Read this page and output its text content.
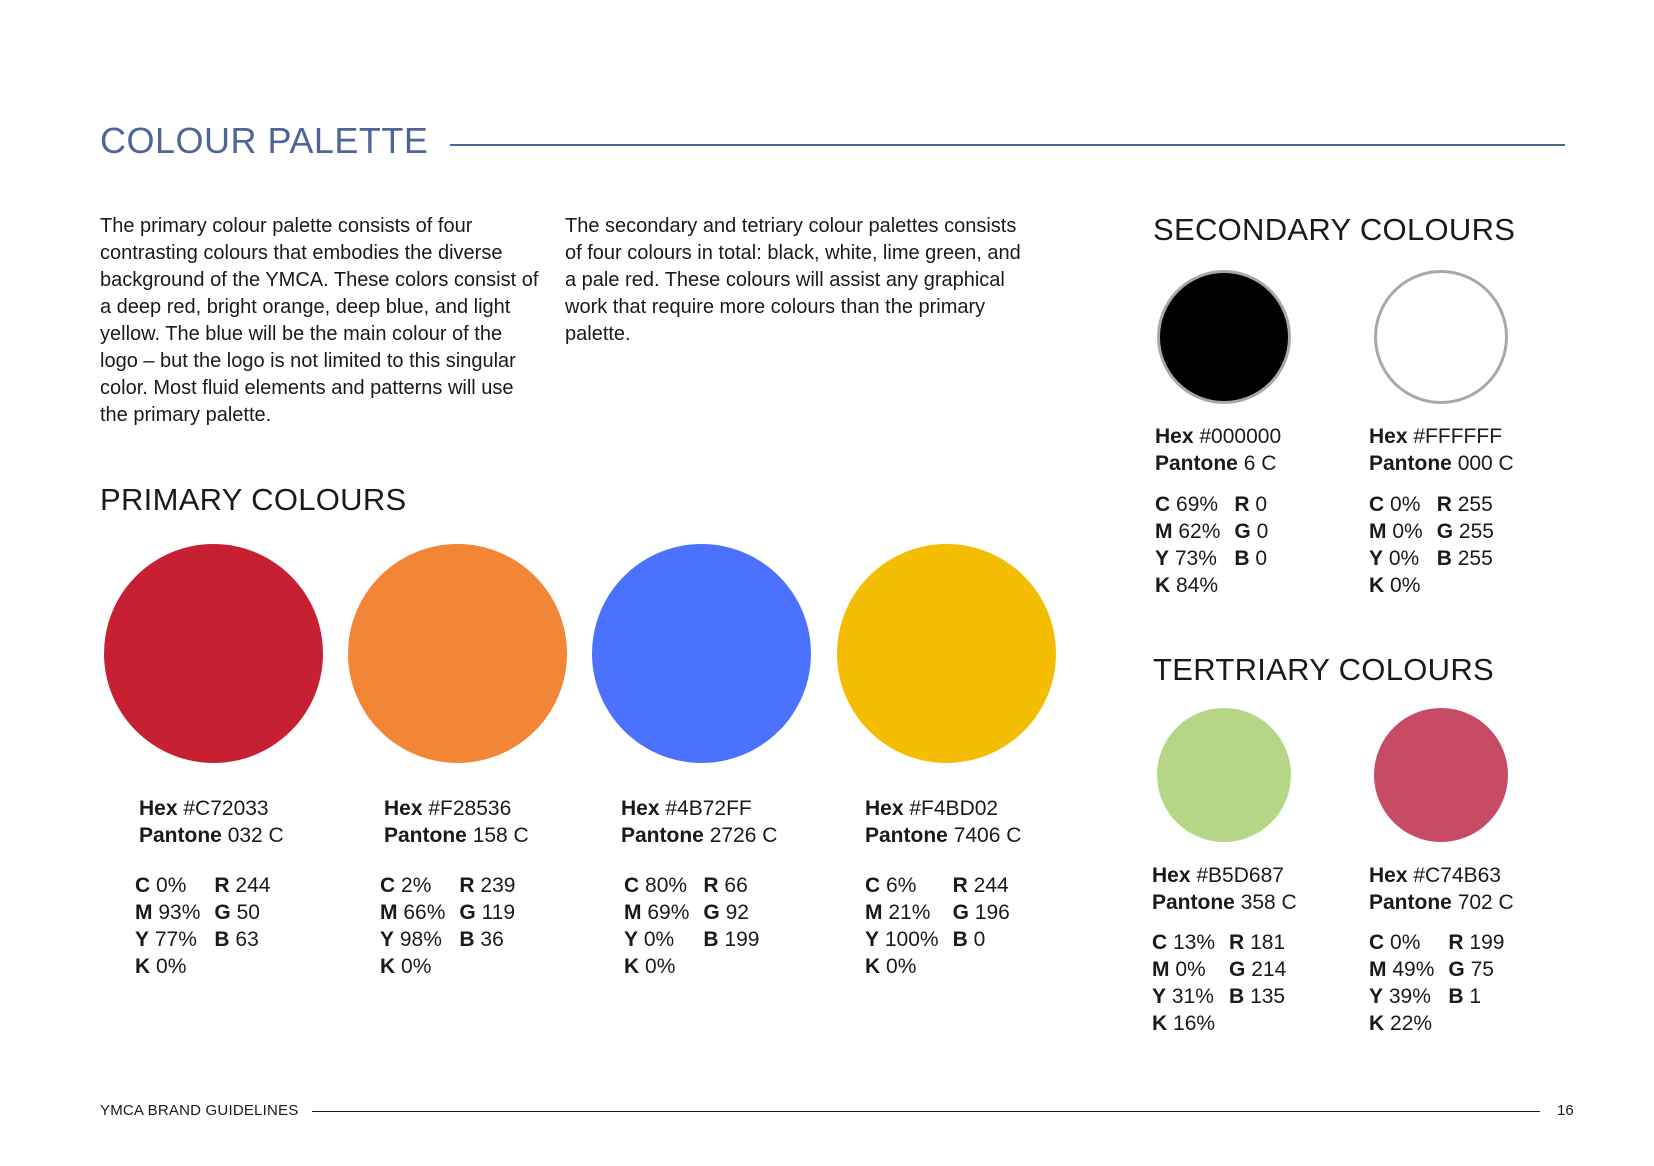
COLOUR PALETTE

The primary colour palette consists of four contrasting colours that embodies the diverse background of the YMCA. These colors consist of a deep red, bright orange, deep blue, and light yellow. The blue will be the main colour of the logo – but the logo is not limited to this singular color. Most fluid elements and patterns will use the primary palette.

The secondary and tetriary colour palettes consists of four colours in total: black, white, lime green, and a pale red. These colours will assist any graphical work that require more colours than the primary palette.

PRIMARY COLOURS
SECONDARY COLOURS
TERTRIARY COLOURS
Hex #C72033
Pantone 032 C
C 0%	R 244
M 93% G 50
Y 77% B 63
K 0%
Hex #F28536
Pantone 158 C
C 2%	R 239
M 66% G 119
Y 98% B 36
K 0%
Hex #4B72FF
Pantone 2726 C
C 80% R 66
M 69% G 92
Y 0%	B 199
K 0%
Hex #F4BD02
Pantone 7406 C
C 6%	R 244
M 21%	G 196
Y 100% B 0
K 0%
Hex #000000
Pantone 6 C
C 69% R 0
M 62% G 0
Y 73% B 0
K 84%
Hex #FFFFFF
Pantone 000 C
C 0% R 255
M 0% G 255
Y 0% B 255
K 0%
Hex #B5D687
Pantone 358 C
C 13% R 181
M 0%	G 214
Y 31% B 135
K 16%
Hex #C74B63
Pantone 702 C
C 0%	R 199
M 49% G 75
Y 39% B 1
K 22%
YMCA BRAND GUIDELINES	16
